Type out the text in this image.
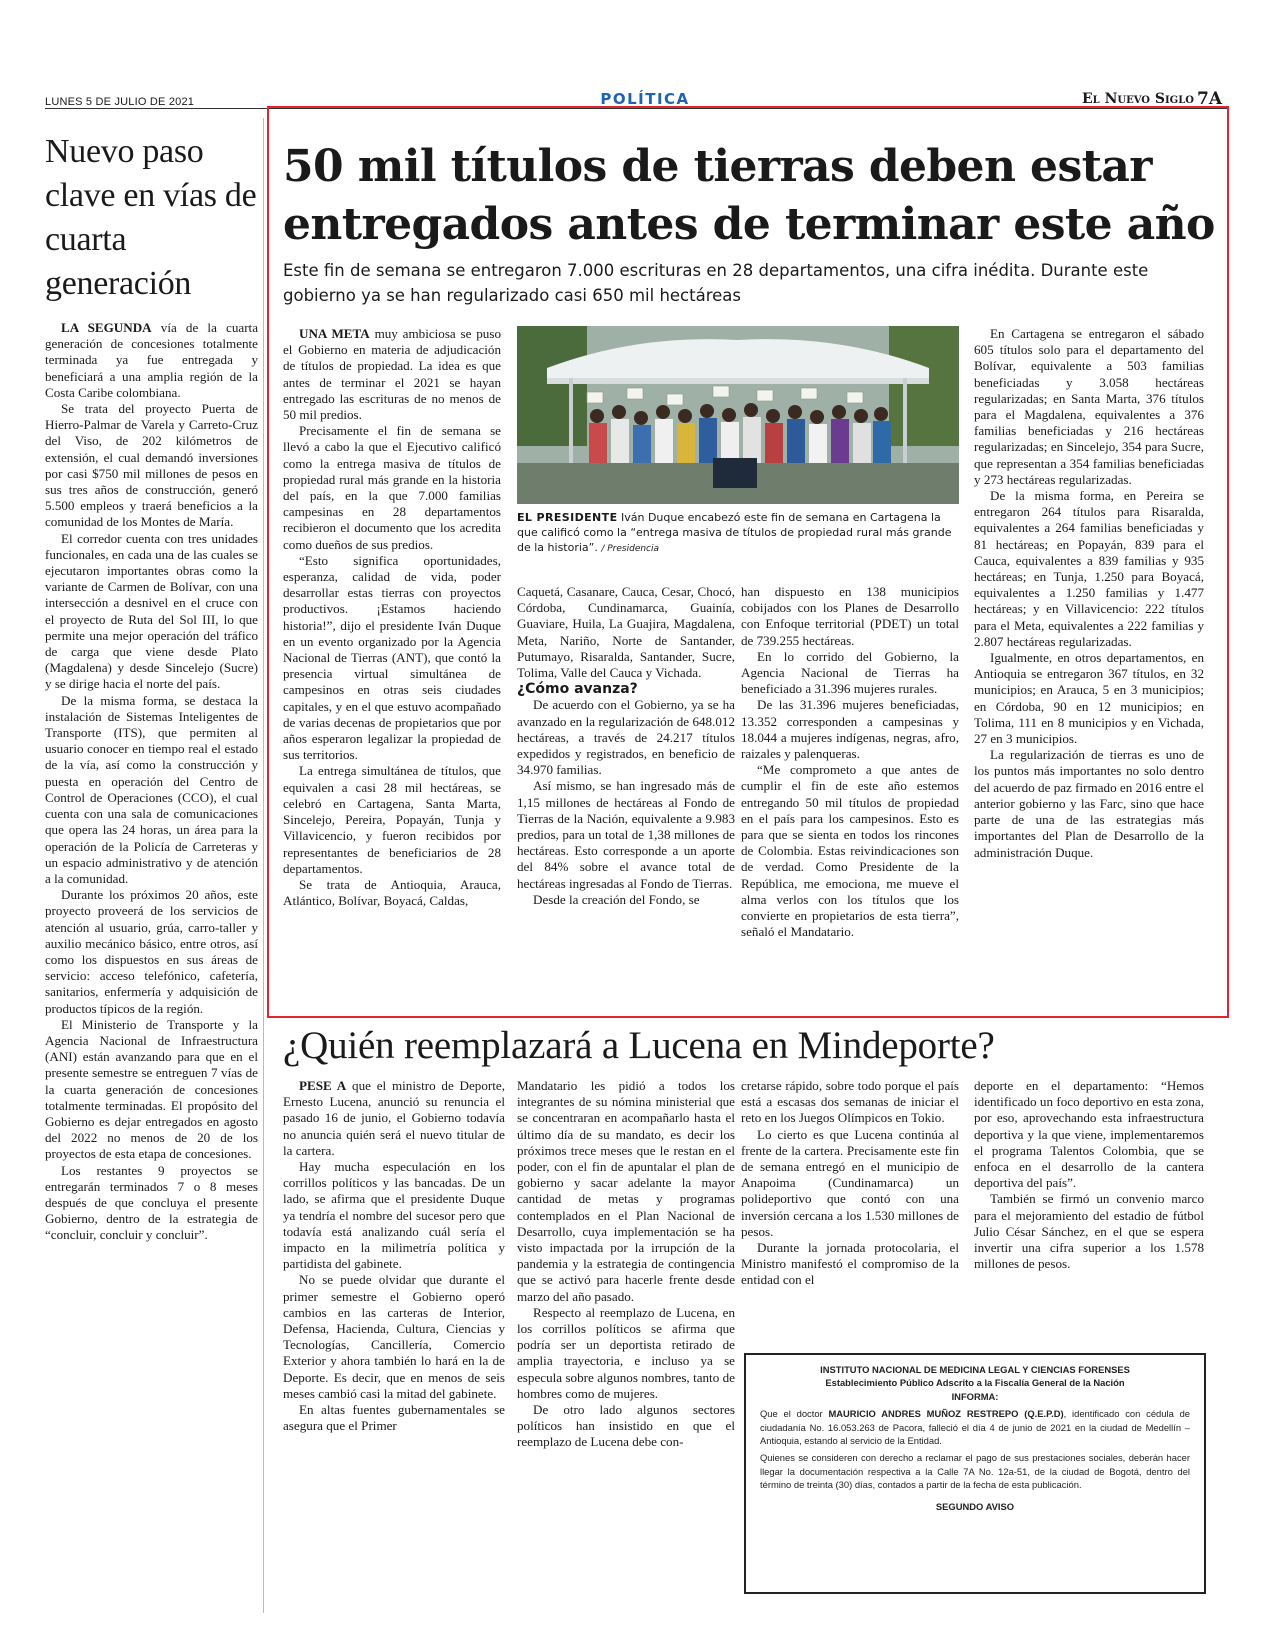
LUNES 5 DE JULIO DE 2021	POLÍTICA	El Nuevo Siglo 7A
Nuevo paso clave en vías de cuarta generación

LA SEGUNDA vía de la cuarta generación de concesiones totalmente terminada ya fue entregada y beneficiará a una amplia región de la Costa Caribe colombiana.

Se trata del proyecto Puerta de Hierro-Palmar de Varela y Carreto-Cruz del Viso, de 202 kilómetros de extensión, el cual demandó inversiones por casi $750 mil millones de pesos en sus tres años de construcción, generó 5.500 empleos y traerá beneficios a la comunidad de los Montes de María.

El corredor cuenta con tres unidades funcionales, en cada una de las cuales se ejecutaron importantes obras como la variante de Carmen de Bolívar, con una intersección a desnivel en el cruce con el proyecto de Ruta del Sol III, lo que permite una mejor operación del tráfico de carga que viene desde Plato (Magdalena) y desde Sincelejo (Sucre) y se dirige hacia el norte del país.

De la misma forma, se destaca la instalación de Sistemas Inteligentes de Transporte (ITS), que permiten al usuario conocer en tiempo real el estado de la vía, así como la construcción y puesta en operación del Centro de Control de Operaciones (CCO), el cual cuenta con una sala de comunicaciones que opera las 24 horas, un área para la operación de la Policía de Carreteras y un espacio administrativo y de atención a la comunidad.

Durante los próximos 20 años, este proyecto proveerá de los servicios de atención al usuario, grúa, carro-taller y auxilio mecánico básico, entre otros, así como los dispuestos en sus áreas de servicio: acceso telefónico, cafetería, sanitarios, enfermería y adquisición de productos típicos de la región.

El Ministerio de Transporte y la Agencia Nacional de Infraestructura (ANI) están avanzando para que en el presente semestre se entreguen 7 vías de la cuarta generación de concesiones totalmente terminadas. El propósito del Gobierno es dejar entregados en agosto del 2022 no menos de 20 de los proyectos de esta etapa de concesiones.

Los restantes 9 proyectos se entregarán terminados 7 o 8 meses después de que concluya el presente Gobierno, dentro de la estrategia de “concluir, concluir y concluir”.

50 mil títulos de tierras deben estar entregados antes de terminar este año

Este fin de semana se entregaron 7.000 escrituras en 28 departamentos, una cifra inédita. Durante este gobierno ya se han regularizado casi 650 mil hectáreas

UNA META muy ambiciosa se puso el Gobierno en materia de adjudicación de títulos de propiedad. La idea es que antes de terminar el 2021 se hayan entregado las escrituras de no menos de 50 mil predios.

Precisamente el fin de semana se llevó a cabo la que el Ejecutivo calificó como la entrega masiva de títulos de propiedad rural más grande en la historia del país, en la que 7.000 familias campesinas en 28 departamentos recibieron el documento que los acredita como dueños de sus predios.

“Esto significa oportunidades, esperanza, calidad de vida, poder desarrollar estas tierras con proyectos productivos. ¡Estamos haciendo historia!”, dijo el presidente Iván Duque en un evento organizado por la Agencia Nacional de Tierras (ANT), que contó la presencia virtual simultánea de campesinos en otras seis ciudades capitales, y en el que estuvo acompañado de varias decenas de propietarios que por años esperaron legalizar la propiedad de sus territorios.

La entrega simultánea de títulos, que equivalen a casi 28 mil hectáreas, se celebró en Cartagena, Santa Marta, Sincelejo, Pereira, Popayán, Tunja y Villavicencio, y fueron recibidos por representantes de beneficiarios de 28 departamentos.

Se trata de Antioquia, Arauca, Atlántico, Bolívar, Boyacá, Caldas,

EL PRESIDENTE Iván Duque encabezó este fin de semana en Cartagena la que calificó como la “entrega masiva de títulos de propiedad rural más grande de la historia”. / Presidencia

Caquetá, Casanare, Cauca, Cesar, Chocó, Córdoba, Cundinamarca, Guainía, Guaviare, Huila, La Guajira, Magdalena, Meta, Nariño, Norte de Santander, Putumayo, Risaralda, Santander, Sucre, Tolima, Valle del Cauca y Vichada.

¿Cómo avanza?

De acuerdo con el Gobierno, ya se ha avanzado en la regularización de 648.012 hectáreas, a través de 24.217 títulos expedidos y registrados, en beneficio de 34.970 familias.

Así mismo, se han ingresado más de 1,15 millones de hectáreas al Fondo de Tierras de la Nación, equivalente a 9.983 predios, para un total de 1,38 millones de hectáreas. Esto corresponde a un aporte del 84% sobre el avance total de hectáreas ingresadas al Fondo de Tierras.

Desde la creación del Fondo, se

han dispuesto en 138 municipios cobijados con los Planes de Desarrollo con Enfoque territorial (PDET) un total de 739.255 hectáreas.

En lo corrido del Gobierno, la Agencia Nacional de Tierras ha beneficiado a 31.396 mujeres rurales.

De las 31.396 mujeres beneficiadas, 13.352 corresponden a campesinas y 18.044 a mujeres indígenas, negras, afro, raizales y palenqueras.

“Me comprometo a que antes de cumplir el fin de este año estemos entregando 50 mil títulos de propiedad en el país para los campesinos. Esto es para que se sienta en todos los rincones de Colombia. Estas reivindicaciones son de verdad. Como Presidente de la República, me emociona, me mueve el alma verlos con los títulos que los convierte en propietarios de esta tierra”, señaló el Mandatario.

En Cartagena se entregaron el sábado 605 títulos solo para el departamento del Bolívar, equivalente a 503 familias beneficiadas y 3.058 hectáreas regularizadas; en Santa Marta, 376 títulos para el Magdalena, equivalentes a 376 familias beneficiadas y 216 hectáreas regularizadas; en Sincelejo, 354 para Sucre, que representan a 354 familias beneficiadas y 273 hectáreas regularizadas.

De la misma forma, en Pereira se entregaron 264 títulos para Risaralda, equivalentes a 264 familias beneficiadas y 81 hectáreas; en Popayán, 839 para el Cauca, equivalentes a 839 familias y 935 hectáreas; en Tunja, 1.250 para Boyacá, equivalentes a 1.250 familias y 1.477 hectáreas; y en Villavicencio: 222 títulos para el Meta, equivalentes a 222 familias y 2.807 hectáreas regularizadas.

Igualmente, en otros departamentos, en Antioquia se entregaron 367 títulos, en 32 municipios; en Arauca, 5 en 3 municipios; en Córdoba, 90 en 12 municipios; en Tolima, 111 en 8 municipios y en Vichada, 27 en 3 municipios.

La regularización de tierras es uno de los puntos más importantes no solo dentro del acuerdo de paz firmado en 2016 entre el anterior gobierno y las Farc, sino que hace parte de una de las estrategias más importantes del Plan de Desarrollo de la administración Duque.

¿Quién reemplazará a Lucena en Mindeporte?

PESE A que el ministro de Deporte, Ernesto Lucena, anunció su renuncia el pasado 16 de junio, el Gobierno todavía no anuncia quién será el nuevo titular de la cartera.

Hay mucha especulación en los corrillos políticos y las bancadas. De un lado, se afirma que el presidente Duque ya tendría el nombre del sucesor pero que todavía está analizando cuál sería el impacto en la milimetría política y partidista del gabinete.

No se puede olvidar que durante el primer semestre el Gobierno operó cambios en las carteras de Interior, Defensa, Hacienda, Cultura, Ciencias y Tecnologías, Cancillería, Comercio Exterior y ahora también lo hará en la de Deporte. Es decir, que en menos de seis meses cambió casi la mitad del gabinete.

En altas fuentes gubernamentales se asegura que el Primer

Mandatario les pidió a todos los integrantes de su nómina ministerial que se concentraran en acompañarlo hasta el último día de su mandato, es decir los próximos trece meses que le restan en el poder, con el fin de apuntalar el plan de gobierno y sacar adelante la mayor cantidad de metas y programas contemplados en el Plan Nacional de Desarrollo, cuya implementación se ha visto impactada por la irrupción de la pandemia y la estrategia de contingencia que se activó para hacerle frente desde marzo del año pasado.

Respecto al reemplazo de Lucena, en los corrillos políticos se afirma que podría ser un deportista retirado de amplia trayectoria, e incluso ya se especula sobre algunos nombres, tanto de hombres como de mujeres.

De otro lado algunos sectores políticos han insistido en que el reemplazo de Lucena debe con-

cretarse rápido, sobre todo porque el país está a escasas dos semanas de iniciar el reto en los Juegos Olímpicos en Tokio.

Lo cierto es que Lucena continúa al frente de la cartera. Precisamente este fin de semana entregó en el municipio de Anapoima (Cundinamarca) un polideportivo que contó con una inversión cercana a los 1.530 millones de pesos.

Durante la jornada protocolaria, el Ministro manifestó el compromiso de la entidad con el

deporte en el departamento: “Hemos identificado un foco deportivo en esta zona, por eso, aprovechando esta infraestructura deportiva y la que viene, implementaremos el programa Talentos Colombia, que se enfoca en el desarrollo de la cantera deportiva del país”.

También se firmó un convenio marco para el mejoramiento del estadio de fútbol Julio César Sánchez, en el que se espera invertir una cifra superior a los 1.578 millones de pesos.

INSTITUTO NACIONAL DE MEDICINA LEGAL Y CIENCIAS FORENSES
Establecimiento Público Adscrito a la Fiscalía General de la Nación
INFORMA:
Que el doctor MAURICIO ANDRES MUÑOZ RESTREPO (Q.E.P.D), identificado con cédula de ciudadanía No. 16.053.263 de Pacora, falleció el día 4 de junio de 2021 en la ciudad de Medellín – Antioquia, estando al servicio de la Entidad.
Quienes se consideren con derecho a reclamar el pago de sus prestaciones sociales, deberán hacer llegar la documentación respectiva a la Calle 7A No. 12a-51, de la ciudad de Bogotá, dentro del término de treinta (30) días, contados a partir de la fecha de esta publicación.
SEGUNDO AVISO
